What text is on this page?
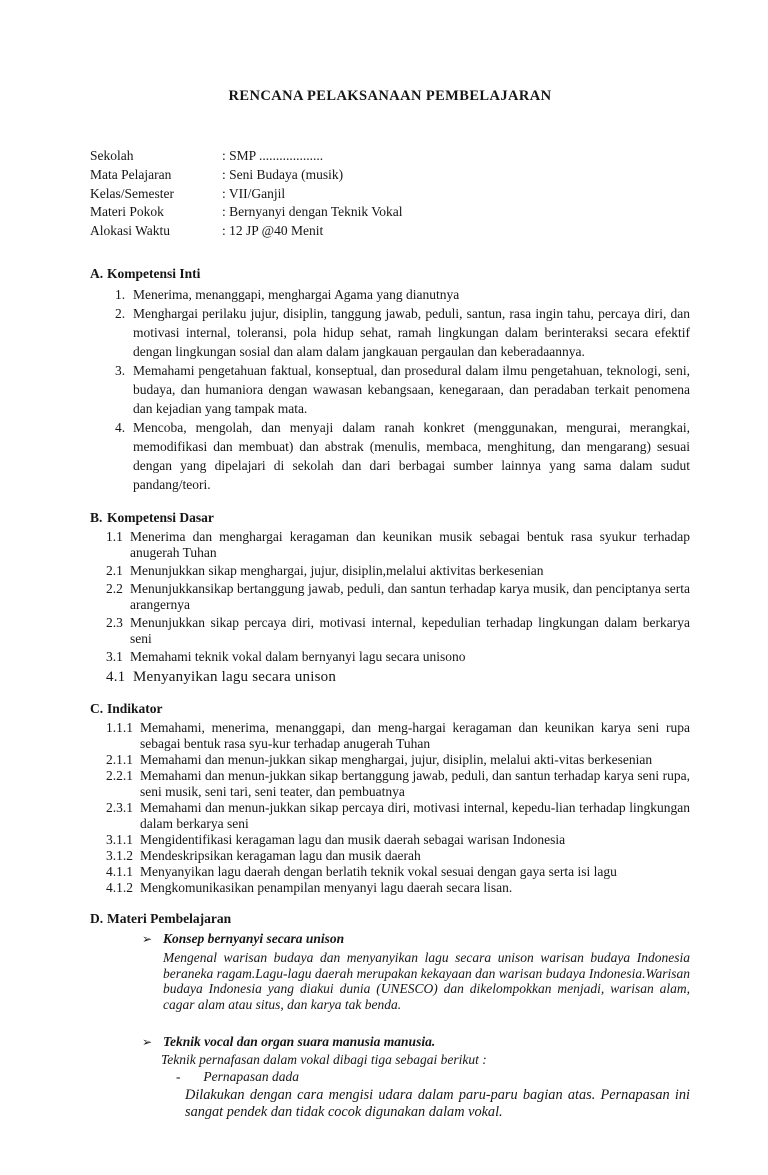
RENCANA PELAKSANAAN PEMBELAJARAN
Sekolah	: SMP ...................
Mata Pelajaran	: Seni Budaya (musik)
Kelas/Semester	: VII/Ganjil
Materi Pokok	: Bernyanyi dengan Teknik Vokal
Alokasi Waktu	: 12 JP @40 Menit
A. Kompetensi Inti
1. Menerima, menanggapi, menghargai Agama yang dianutnya
2. Menghargai perilaku jujur, disiplin, tanggung jawab, peduli, santun, rasa ingin tahu, percaya diri, dan motivasi internal, toleransi, pola hidup sehat, ramah lingkungan dalam berinteraksi secara efektif dengan lingkungan sosial dan alam dalam jangkauan pergaulan dan keberadaannya.
3. Memahami pengetahuan faktual, konseptual, dan prosedural dalam ilmu pengetahuan, teknologi, seni, budaya, dan humaniora dengan wawasan kebangsaan, kenegaraan, dan peradaban terkait penomena dan kejadian yang tampak mata.
4. Mencoba, mengolah, dan menyaji dalam ranah konkret (menggunakan, mengurai, merangkai, memodifikasi dan membuat) dan abstrak (menulis, membaca, menghitung, dan mengarang) sesuai dengan yang dipelajari di sekolah dan dari berbagai sumber lainnya yang sama dalam sudut pandang/teori.
B. Kompetensi Dasar
1.1 Menerima dan menghargai keragaman dan keunikan musik sebagai bentuk rasa syukur terhadap anugerah Tuhan
2.1 Menunjukkan sikap menghargai, jujur, disiplin,melalui aktivitas berkesenian
2.2 Menunjukkansikap bertanggung jawab, peduli, dan santun terhadap karya musik, dan penciptanya serta arangernya
2.3 Menunjukkan sikap percaya diri, motivasi internal, kepedulian terhadap lingkungan dalam berkarya seni
3.1 Memahami teknik vokal dalam bernyanyi lagu secara unisono
4.1 Menyanyikan lagu secara unison
C. Indikator
1.1.1 Memahami, menerima, menanggapi, dan meng-hargai keragaman dan keunikan karya seni rupa sebagai bentuk rasa syu-kur terhadap anugerah Tuhan
2.1.1 Memahami dan menun-jukkan sikap menghargai, jujur, disiplin, melalui akti-vitas berkesenian
2.2.1 Memahami dan menun-jukkan sikap bertanggung jawab, peduli, dan santun terhadap karya seni rupa, seni musik, seni tari, seni teater, dan pembuatnya
2.3.1 Memahami dan menun-jukkan sikap percaya diri, motivasi internal, kepedu-lian terhadap lingkungan dalam berkarya seni
3.1.1 Mengidentifikasi keragaman lagu dan musik daerah sebagai warisan Indonesia
3.1.2 Mendeskripsikan keragaman lagu dan musik daerah
4.1.1 Menyanyikan lagu daerah dengan berlatih teknik vokal sesuai dengan gaya serta isi lagu
4.1.2 Mengkomunikasikan penampilan menyanyi lagu daerah secara lisan.
D. Materi Pembelajaran
➢ Konsep bernyanyi secara unison
Mengenal warisan budaya dan menyanyikan lagu secara unison warisan budaya Indonesia beraneka ragam.Lagu-lagu daerah merupakan kekayaan dan warisan budaya Indonesia.Warisan budaya Indonesia yang diakui dunia (UNESCO) dan dikelompokkan menjadi, warisan alam, cagar alam atau situs, dan karya tak benda.
➢ Teknik vocal dan organ suara manusia manusia.
Teknik pernafasan dalam vokal dibagi tiga sebagai berikut :
- Pernapasan dada
Dilakukan dengan cara mengisi udara dalam paru-paru bagian atas. Pernapasan ini sangat pendek dan tidak cocok digunakan dalam vokal.
